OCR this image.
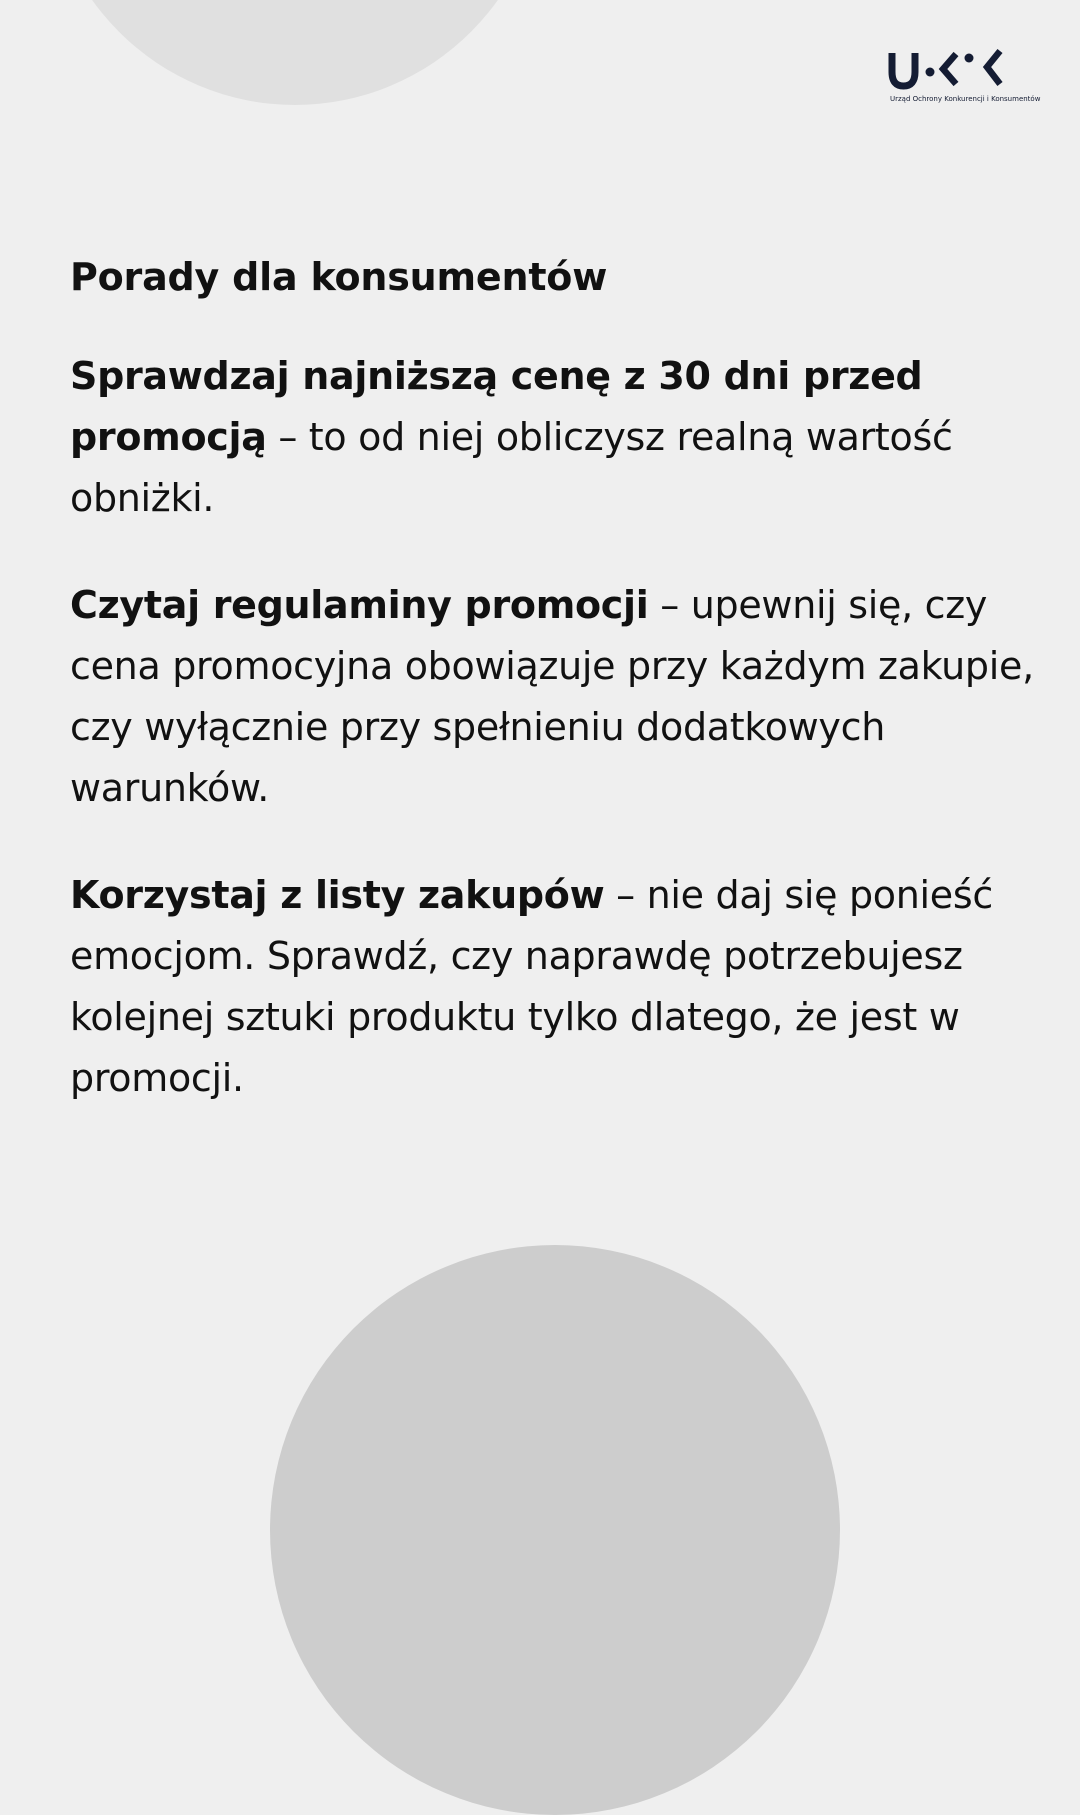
Urząd Ochrony Konkurencji i Konsumentów
Porady dla konsumentów

Sprawdzaj najniższą cenę z 30 dni przed promocją – to od niej obliczysz realną wartość obniżki.

Czytaj regulaminy promocji – upewnij się, czy cena promocyjna obowiązuje przy każdym zakupie, czy wyłącznie przy spełnieniu dodatkowych warunków.

Korzystaj z listy zakupów – nie daj się ponieść emocjom. Sprawdź, czy naprawdę potrzebujesz kolejnej sztuki produktu tylko dlatego, że jest w promocji.
